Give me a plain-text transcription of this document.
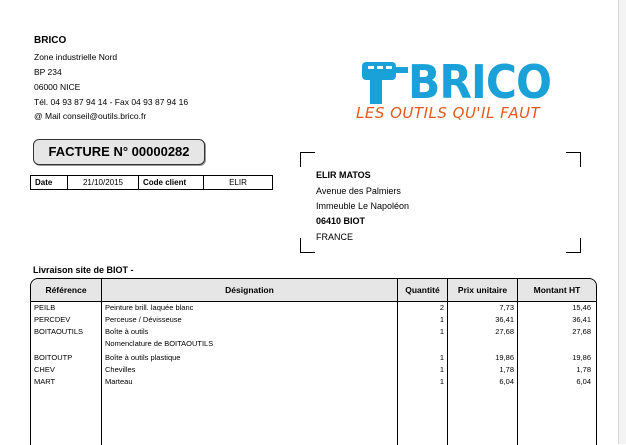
BRICO
Zone industrielle Nord
BP 234
06000 NICE
Tél. 04 93 87 94 14 - Fax 04 93 87 94 16
@ Mail conseil@outils.brico.fr
BRICO
LES OUTILS QU'IL FAUT
FACTURE N° 00000282
Date	21/10/2015	Code client	ELIR
ELIR MATOS
Avenue des Palmiers
Immeuble Le Napoléon
06410 BIOT
FRANCE
Livraison site de BIOT -
Référence	Désignation	Quantité	Prix unitaire	Montant HT
PEILB	Peinture brill. laquée blanc	2	7,73	15,46
PERCDEV	Perceuse / Dévisseuse	1	36,41	36,41
BOITAOUTILS	Boîte à outils	1	27,68	27,68
Nomenclature de BOITAOUTILS
BOITOUTP	Boîte à outils plastique	1	19,86	19,86
CHEV	Chevilles	1	1,78	1,78
MART	Marteau	1	6,04	6,04
